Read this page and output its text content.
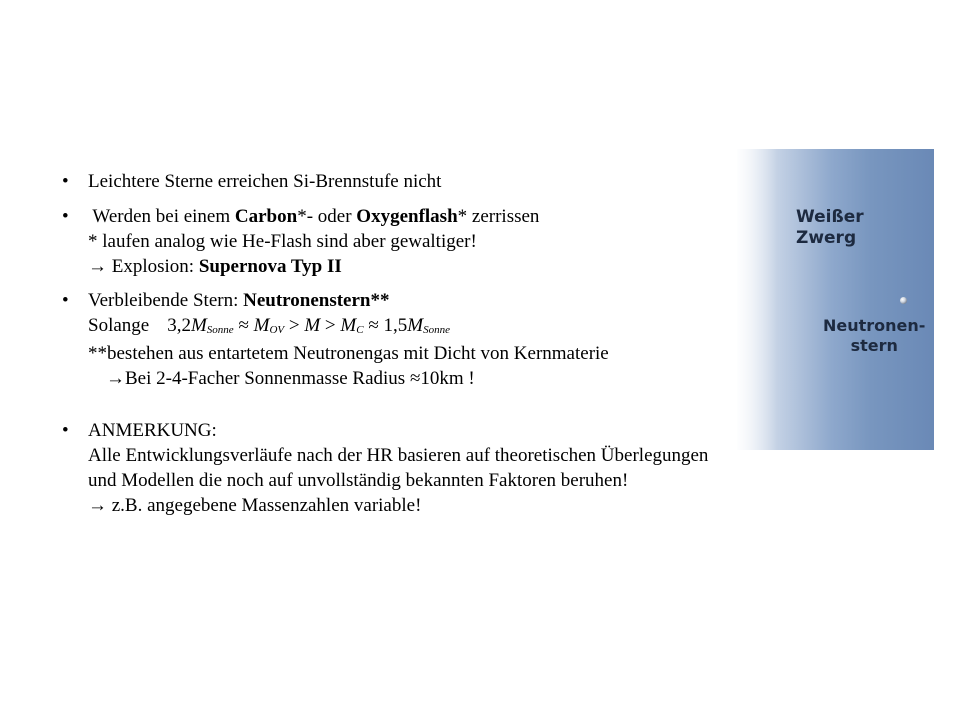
• Leichtere Sterne erreichen Si-Brennstufe nicht
• Werden bei einem Carbon*- oder Oxygenflash* zerrissen
* laufen analog wie He-Flash sind aber gewaltiger!
→ Explosion: Supernova Typ II
• Verbleibende Stern: Neutronenstern**
Solange $3,2M_{Sonne} \approx M_{OV} > M > M_C \approx 1,5M_{Sonne}$
**bestehen aus entartetem Neutronengas mit Dicht von Kernmaterie
→Bei 2-4-Facher Sonnenmasse Radius ≈10km !
• ANMERKUNG:
Alle Entwicklungsverläufe nach der HR basieren auf theoretischen Überlegungen
und Modellen die noch auf unvollständig bekannten Faktoren beruhen!
→ z.B. angegebene Massenzahlen variable!
Weißer
Zwerg
Neutronen-
stern
